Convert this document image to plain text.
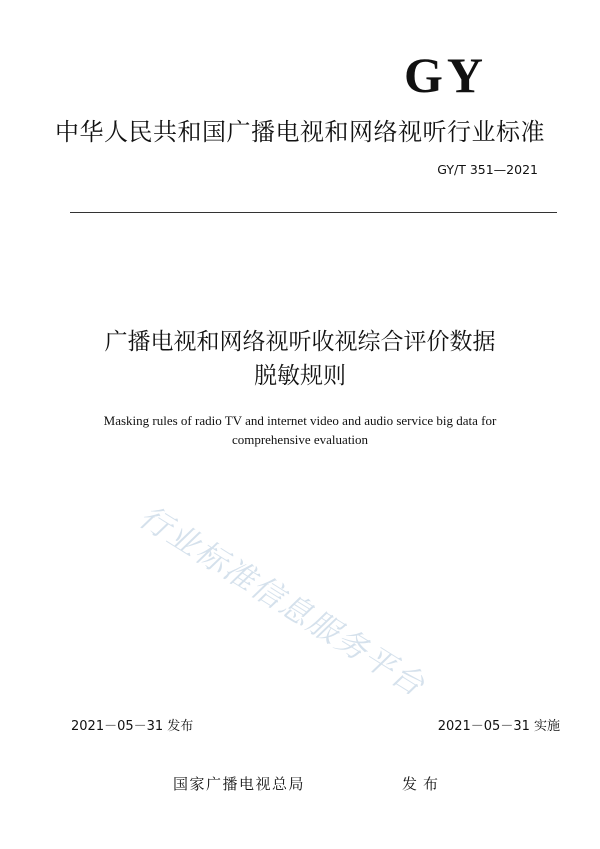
GY
中华人民共和国广播电视和网络视听行业标准
GY/T 351—2021
广播电视和网络视听收视综合评价数据
脱敏规则
Masking rules of radio TV and internet video and audio service big data for
comprehensive evaluation
行业标准信息服务平台
2021－05－31 发布	2021－05－31 实施
国家广播电视总局	发布
